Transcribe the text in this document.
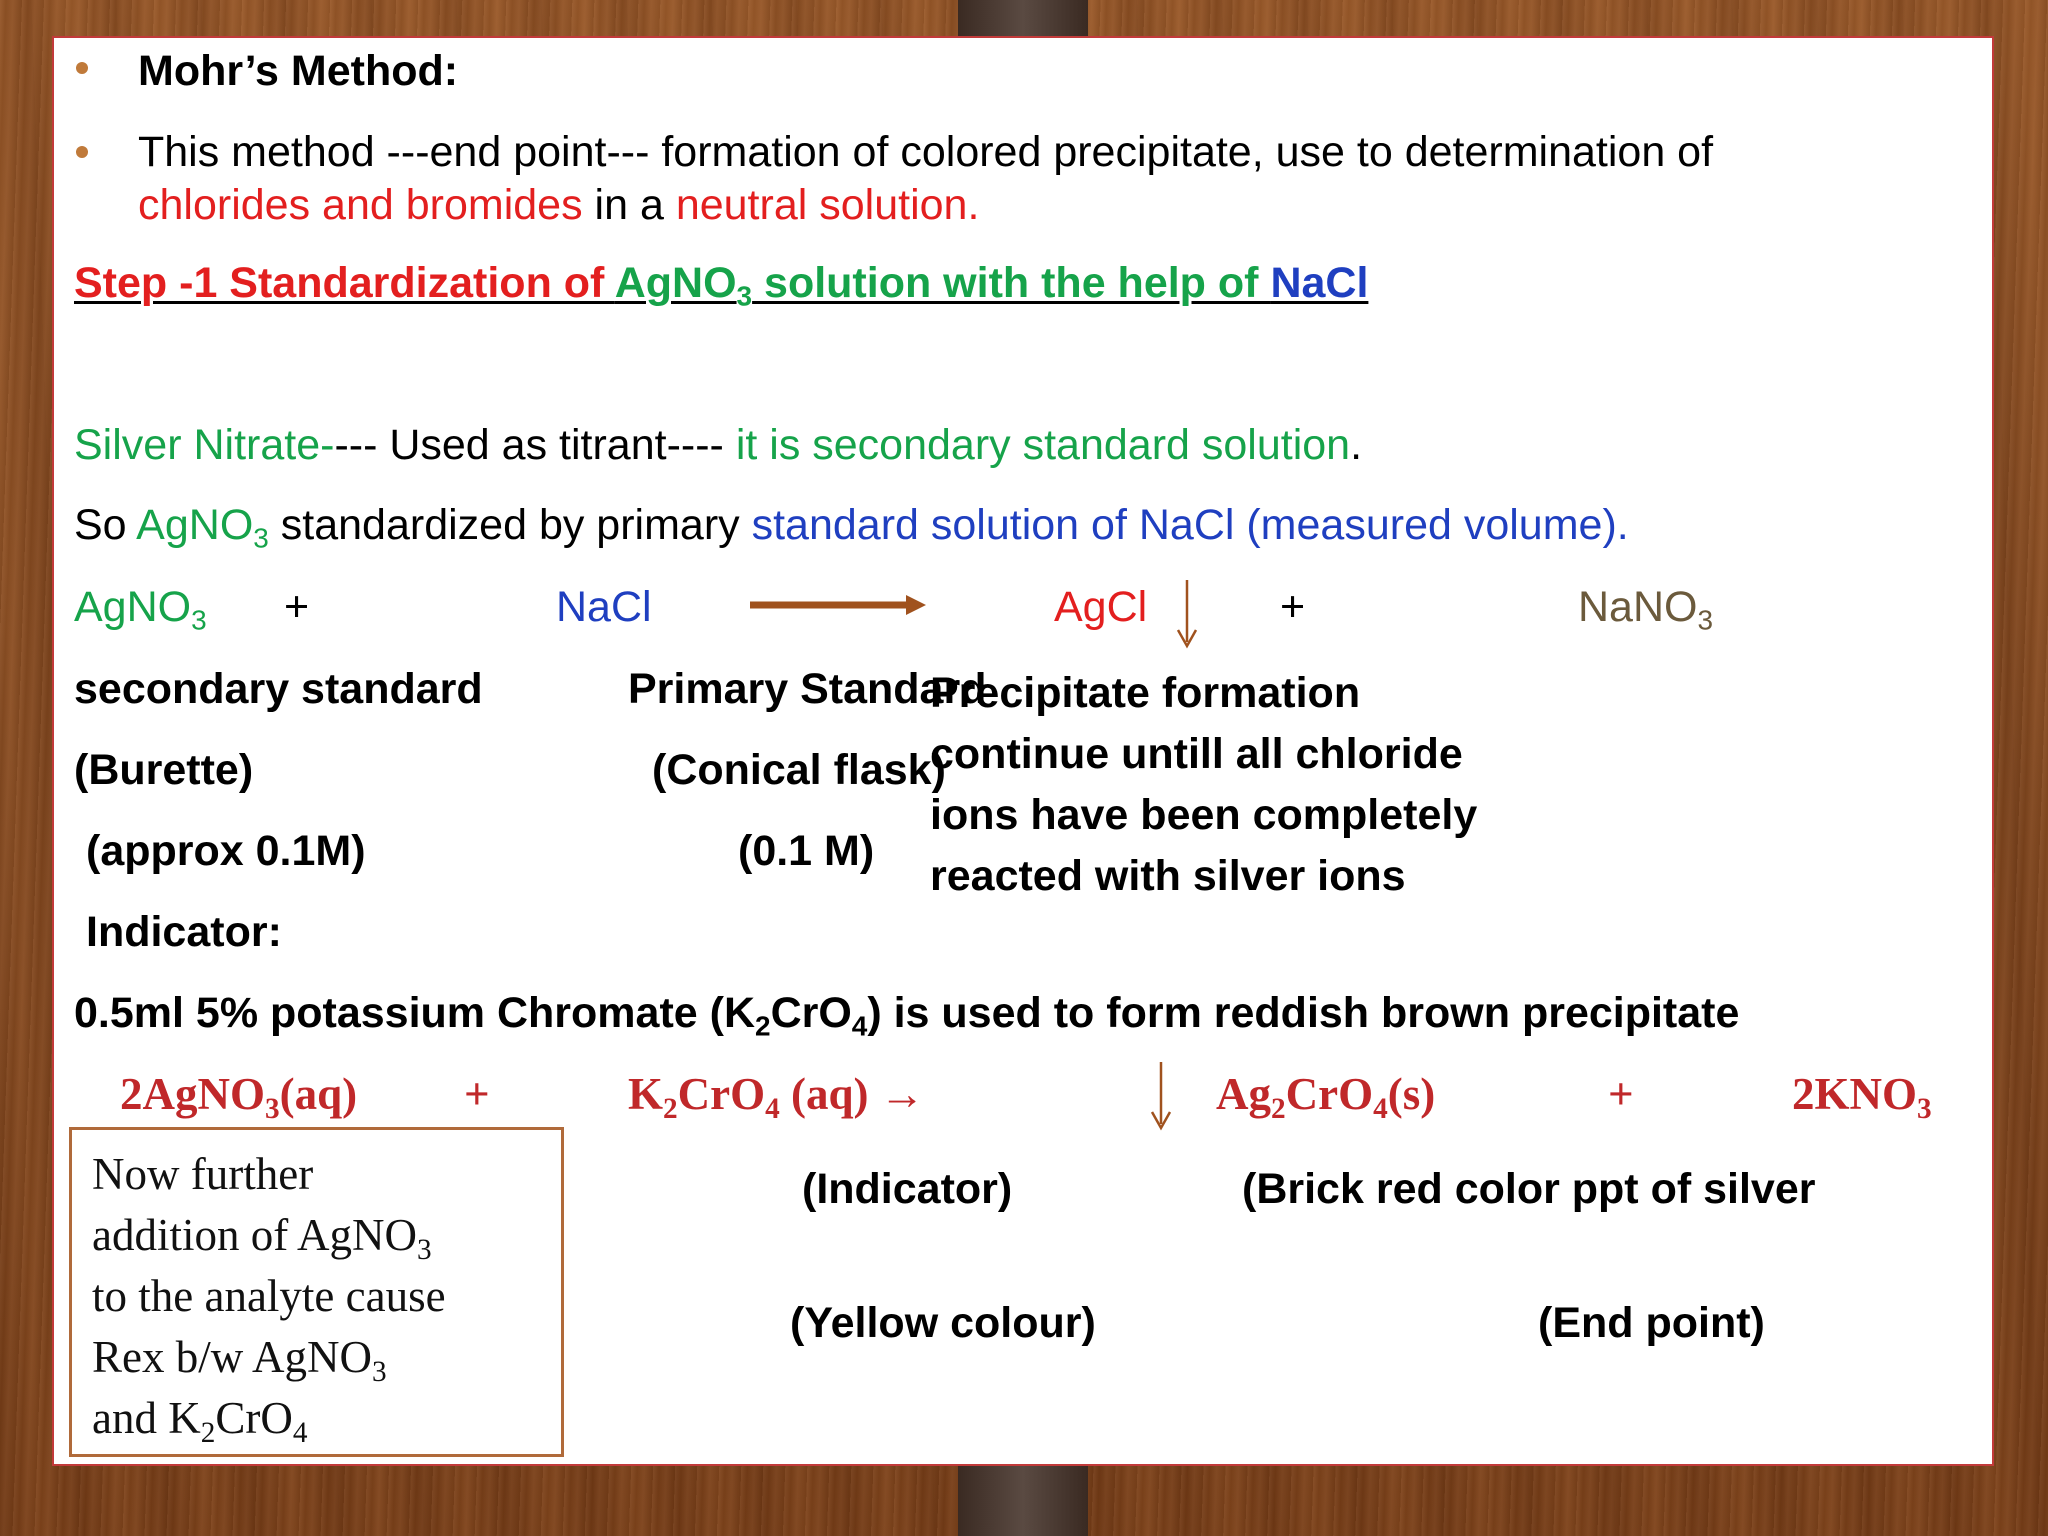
Mohr’s Method:
This method ---end point--- formation of colored precipitate, use to determination of
chlorides and bromides in a neutral solution.
Step -1 Standardization of AgNO$_3$ solution with the help of NaCl
Silver Nitrate---- Used as titrant---- it is secondary standard solution.
So AgNO$_3$ standardized by primary standard solution of NaCl (measured volume).
AgNO$_3$ +	NaCl	AgCl	+	NaNO$_3$
secondary standard	Primary Standard
(Burette)	(Conical flask)
(approx 0.1M)	(0.1 M)
Indicator:
Precipitate formation
continue untill all chloride
ions have been completely
reacted with silver ions
0.5ml 5% potassium Chromate $(K_2CrO_4)$ is used to form reddish brown precipitate
2AgNO$_3$(aq) +	$K_2CrO_4$ (aq) →	$Ag_2CrO_4(s)$	+	$2KNO_3$
(Indicator)	(Brick red color ppt of silver
(Yellow colour)	(End point)
Now further
addition of AgNO$_3$
to the analyte cause
Rex b/w AgNO$_3$
and $K_2CrO_4$
